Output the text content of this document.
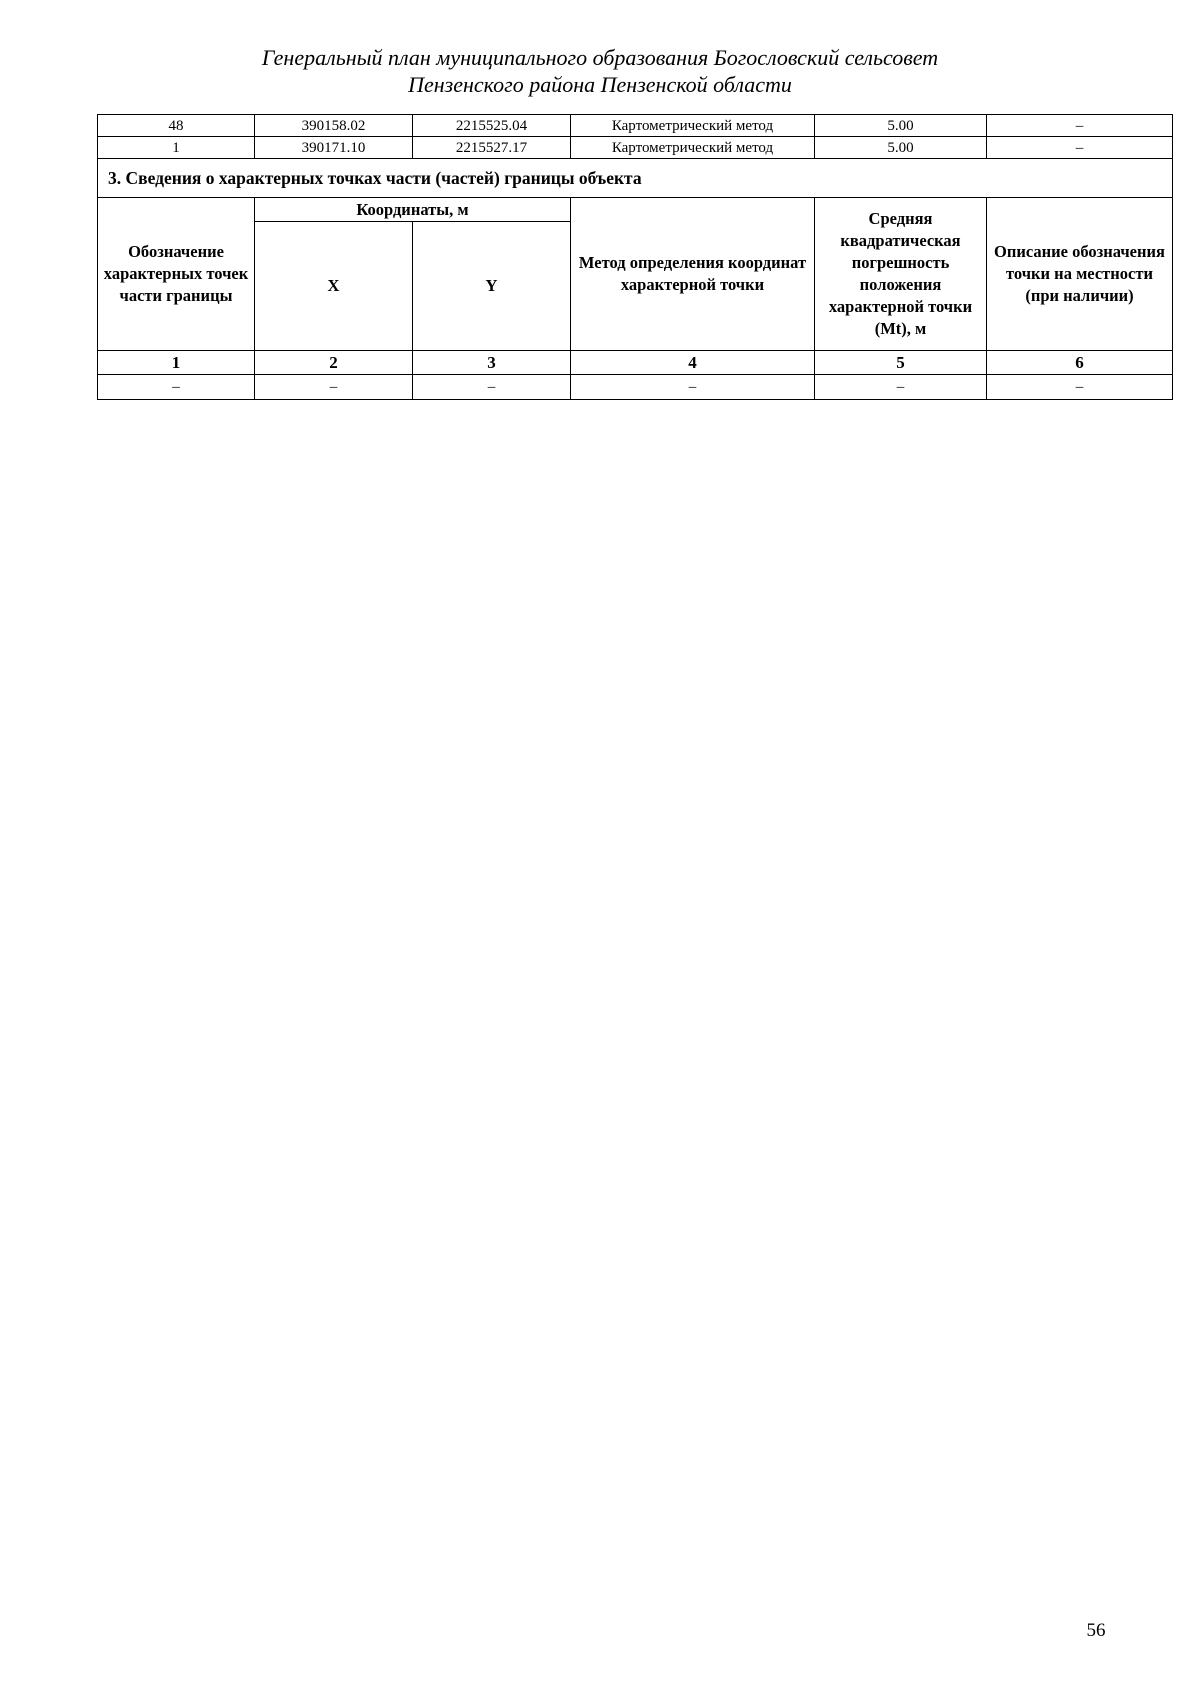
Генеральный план муниципального образования Богословский сельсовет
Пензенского района Пензенской области
48	390158.02	2215525.04	Картометрический метод	5.00	–
1	390171.10	2215527.17	Картометрический метод	5.00	–
3. Сведения о характерных точках части (частей) границы объекта					
Обозначение характерных точек части границы	Координаты, м		Метод определения координат характерной точки	Средняя квадратическая погрешность положения характерной точки (Mt), м	Описание обозначения точки на местности (при наличии)
	X	Y			
1	2	3	4	5	6
–	–	–	–	–	–
56
